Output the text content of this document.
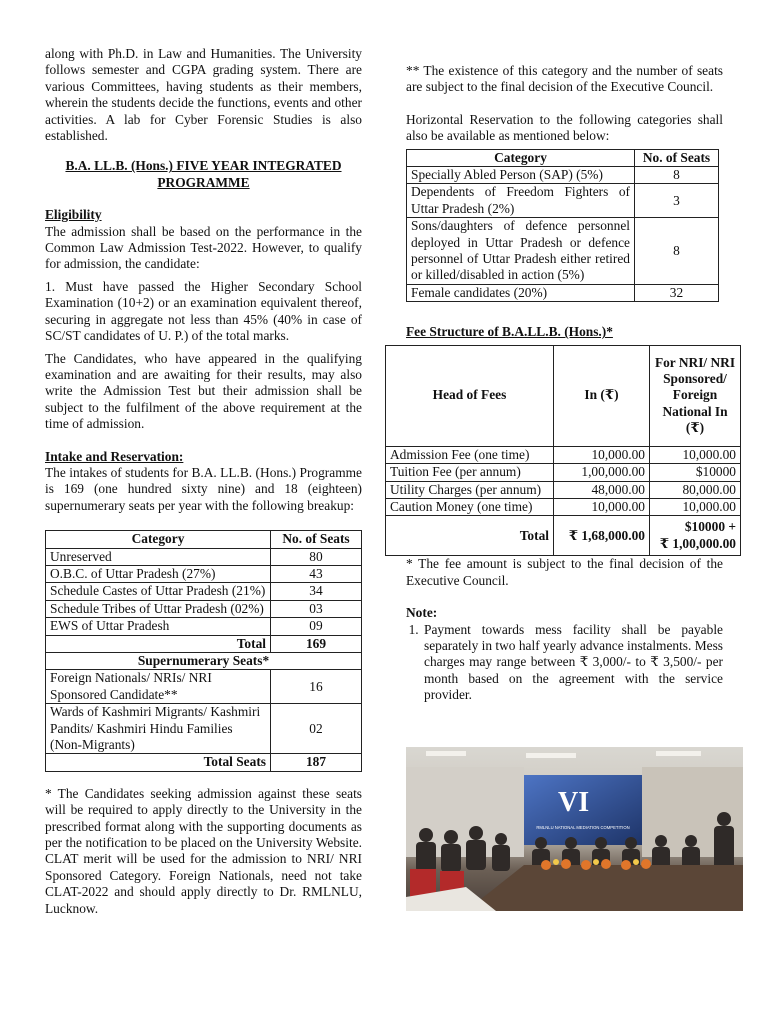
along with Ph.D. in Law and Humanities. The University follows semester and CGPA grading system. There are various Committees, having students as their members, wherein the students decide the functions, events and other activities. A lab for Cyber Forensic Studies is also established.

B.A. LL.B. (Hons.) FIVE YEAR INTEGRATED PROGRAMME
Eligibility

The admission shall be based on the performance in the Common Law Admission Test-2022. However, to qualify for admission, the candidate:

1. Must have passed the Higher Secondary School Examination (10+2) or an examination equivalent thereof, securing in aggregate not less than 45% (40% in case of SC/ST candidates of U. P.) of the total marks.

The Candidates, who have appeared in the qualifying examination and are awaiting for their results, may also write the Admission Test but their admission shall be subject to the fulfilment of the above requirement at the time of admission.

Intake and Reservation:

The intakes of students for B.A. LL.B. (Hons.) Programme is 169 (one hundred sixty nine) and 18 (eighteen) supernumerary seats per year with the following breakup:

Category	No. of Seats
Unreserved	80
O.B.C. of Uttar Pradesh (27%)	43
Schedule Castes of Uttar Pradesh (21%)	34
Schedule Tribes of Uttar Pradesh (02%)	03
EWS of Uttar Pradesh	09
Total	169
Supernumerary Seats*	
Foreign Nationals/ NRIs/ NRI Sponsored Candidate**	16
Wards of Kashmiri Migrants/ Kashmiri Pandits/ Kashmiri Hindu Families (Non-Migrants)	02
Total Seats	187

* The Candidates seeking admission against these seats will be required to apply directly to the University in the prescribed format along with the supporting documents as per the notification to be placed on the University Website. CLAT merit will be used for the admission to NRI/ NRI Sponsored Category. Foreign Nationals, need not take CLAT-2022 and should apply directly to Dr. RMLNLU, Lucknow.

** The existence of this category and the number of seats are subject to the final decision of the Executive Council.

Horizontal Reservation to the following categories shall also be available as mentioned below:

Category	No. of Seats
Specially Abled Person (SAP) (5%)	8
Dependents of Freedom Fighters of Uttar Pradesh (2%)	3
Sons/daughters of defence personnel deployed in Uttar Pradesh or defence personnel of Uttar Pradesh either retired or killed/disabled in action (5%)	8
Female candidates (20%)	32
Fee Structure of B.A.LL.B. (Hons.)*
Head of Fees	In (₹)	For NRI/ NRI Sponsored/ Foreign National In (₹)
Admission Fee (one time)	10,000.00	10,000.00
Tuition Fee (per annum)	1,00,000.00	$10000
Utility Charges (per annum)	48,000.00	80,000.00
Caution Money (one time)	10,000.00	10,000.00
Total	₹ 1,68,000.00	$10000 +
₹ 1,00,000.00

* The fee amount is subject to the final decision of the Executive Council.

Note:
1. Payment towards mess facility shall be payable separately in two half yearly advance instalments. Mess charges may range between ₹ 3,000/- to ₹ 3,500/- per month based on the agreement with the service provider.
VI
RMLNLU NATIONAL MEDIATION COMPETITION
